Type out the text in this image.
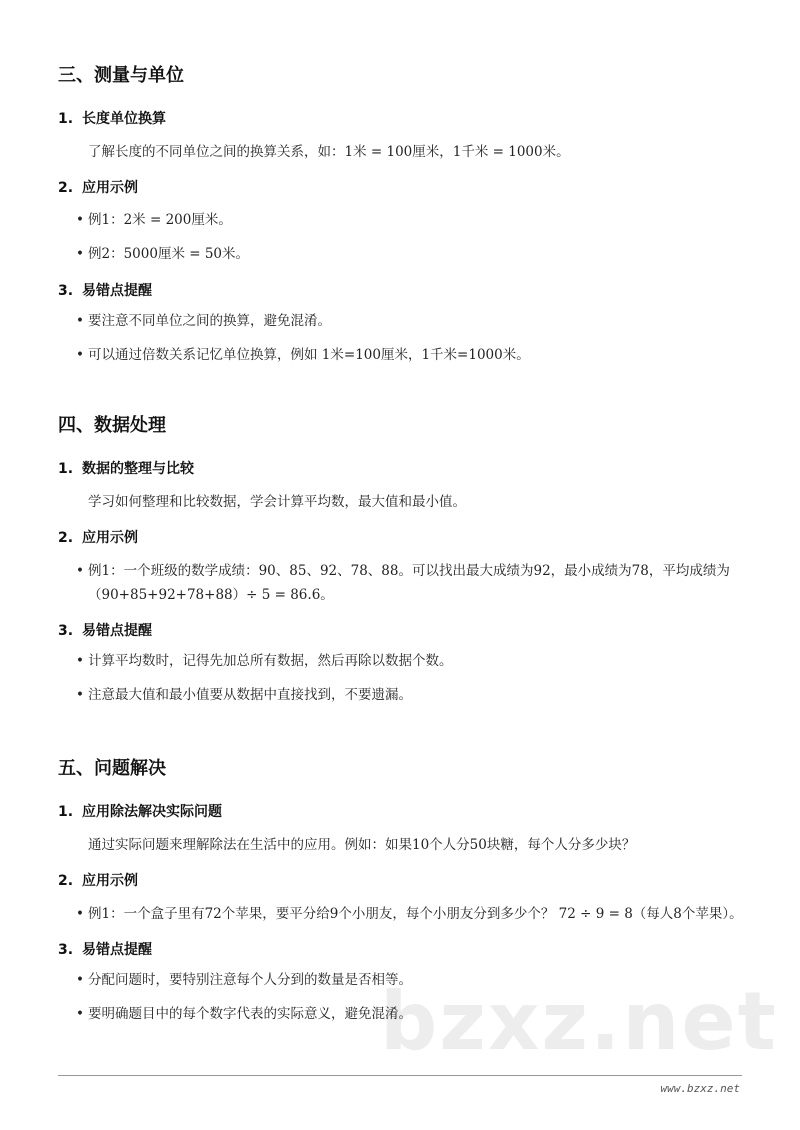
三、测量与单位
1. 长度单位换算
了解长度的不同单位之间的换算关系，如：1米 = 100厘米，1千米 = 1000米。
2. 应用示例
• 例1：2米 = 200厘米。
• 例2：5000厘米 = 50米。
3. 易错点提醒
• 要注意不同单位之间的换算，避免混淆。
• 可以通过倍数关系记忆单位换算，例如 1米=100厘米，1千米=1000米。
四、数据处理
1. 数据的整理与比较
学习如何整理和比较数据，学会计算平均数，最大值和最小值。
2. 应用示例
• 例1：一个班级的数学成绩：90、85、92、78、88。可以找出最大成绩为92，最小成绩为78，平均成绩为（90+85+92+78+88）÷ 5 = 86.6。
3. 易错点提醒
• 计算平均数时，记得先加总所有数据，然后再除以数据个数。
• 注意最大值和最小值要从数据中直接找到，不要遗漏。
五、问题解决
1. 应用除法解决实际问题
通过实际问题来理解除法在生活中的应用。例如：如果10个人分50块糖，每个人分多少块？
2. 应用示例
• 例1：一个盒子里有72个苹果，要平分给9个小朋友，每个小朋友分到多少个？ 72 ÷ 9 = 8（每人8个苹果）。
3. 易错点提醒
• 分配问题时，要特别注意每个人分到的数量是否相等。
• 要明确题目中的每个数字代表的实际意义，避免混淆。
bzxz.net
www.bzxz.net
